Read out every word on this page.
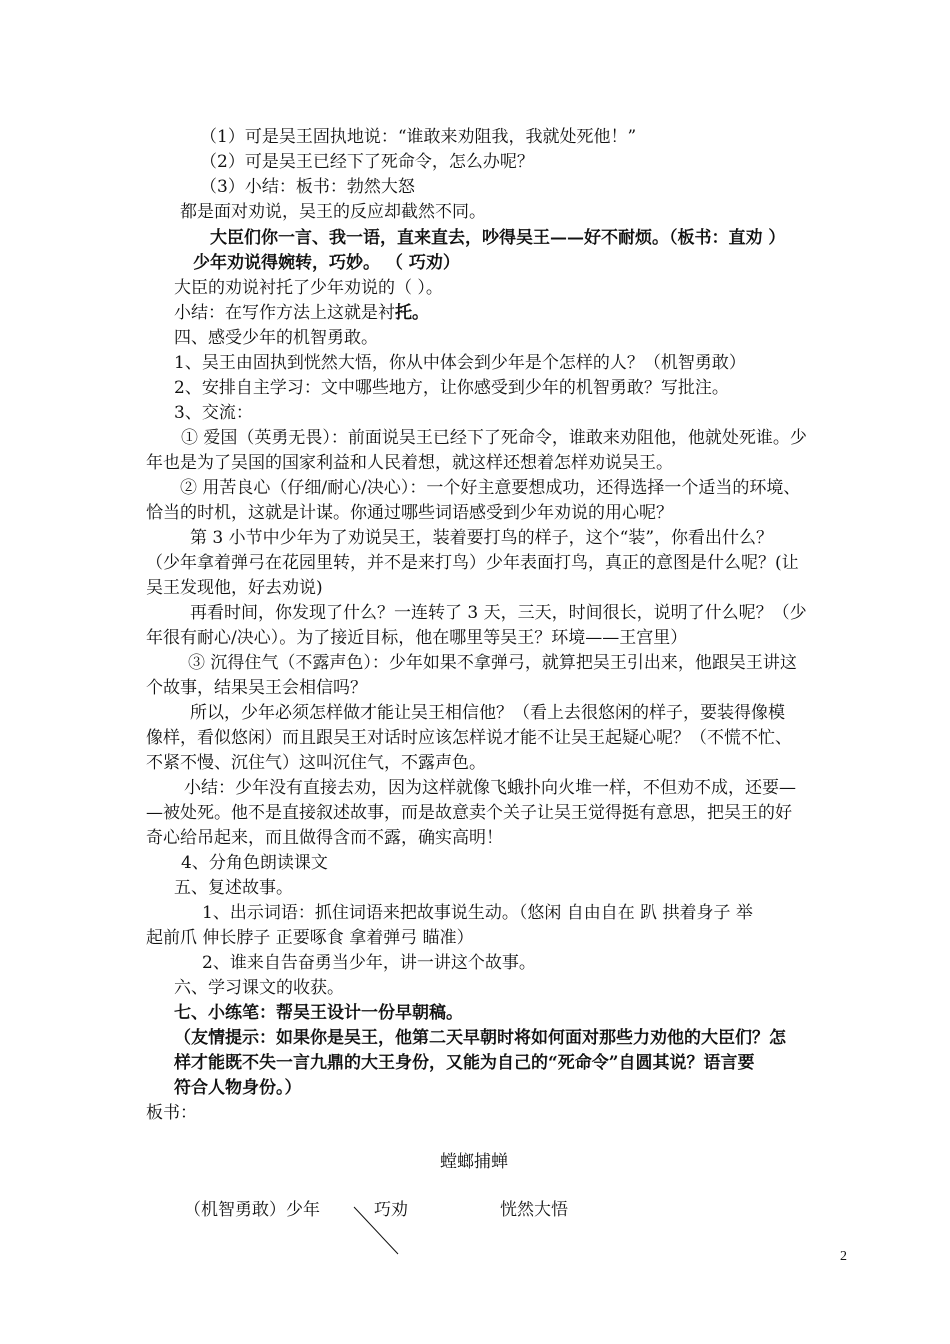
（1）可是吴王固执地说：“谁敢来劝阻我，我就处死他！”
（2）可是吴王已经下了死命令，怎么办呢？
（3）小结：板书：勃然大怒
都是面对劝说，吴王的反应却截然不同。
大臣们你一言、我一语，直来直去，吵得吴王——好不耐烦。（板书：直劝 ）
少年劝说得婉转，巧妙。 （ 巧劝）
大臣的劝说衬托了少年劝说的（ ）。
小结：在写作方法上这就是衬托。
四、感受少年的机智勇敢。
1、吴王由固执到恍然大悟，你从中体会到少年是个怎样的人？（机智勇敢）
2、安排自主学习：文中哪些地方，让你感受到少年的机智勇敢？写批注。
3、交流：
① 爱国（英勇无畏）：前面说吴王已经下了死命令，谁敢来劝阻他，他就处死谁。少
年也是为了吴国的国家利益和人民着想，就这样还想着怎样劝说吴王。
② 用苦良心（仔细/耐心/决心）：一个好主意要想成功，还得选择一个适当的环境、
恰当的时机，这就是计谋。你通过哪些词语感受到少年劝说的用心呢？
第 3 小节中少年为了劝说吴王，装着要打鸟的样子，这个“装”，你看出什么？
（少年拿着弹弓在花园里转，并不是来打鸟）少年表面打鸟，真正的意图是什么呢？(让
吴王发现他，好去劝说)
再看时间，你发现了什么？一连转了 3 天，三天，时间很长，说明了什么呢？（少
年很有耐心/决心）。为了接近目标，他在哪里等吴王？环境——王宫里）
③ 沉得住气（不露声色）：少年如果不拿弹弓，就算把吴王引出来，他跟吴王讲这
个故事，结果吴王会相信吗？
所以，少年必须怎样做才能让吴王相信他？（看上去很悠闲的样子，要装得像模
像样，看似悠闲）而且跟吴王对话时应该怎样说才能不让吴王起疑心呢？（不慌不忙、
不紧不慢、沉住气）这叫沉住气，不露声色。
小结：少年没有直接去劝，因为这样就像飞蛾扑向火堆一样，不但劝不成，还要—
—被处死。他不是直接叙述故事，而是故意卖个关子让吴王觉得挺有意思，把吴王的好
奇心给吊起来，而且做得含而不露，确实高明！
4、分角色朗读课文
五、复述故事。
1、出示词语：抓住词语来把故事说生动。（悠闲 自由自在 趴 拱着身子 举
起前爪 伸长脖子 正要啄食 拿着弹弓 瞄准）
2、谁来自告奋勇当少年，讲一讲这个故事。
六、学习课文的收获。
七、小练笔：帮吴王设计一份早朝稿。
（友情提示：如果你是吴王，他第二天早朝时将如何面对那些力劝他的大臣们？怎
样才能既不失一言九鼎的大王身份，又能为自己的“死命令”自圆其说？语言要
符合人物身份。）
板书：
螳螂捕蝉
（机智勇敢）少年	巧劝	恍然大悟
2
